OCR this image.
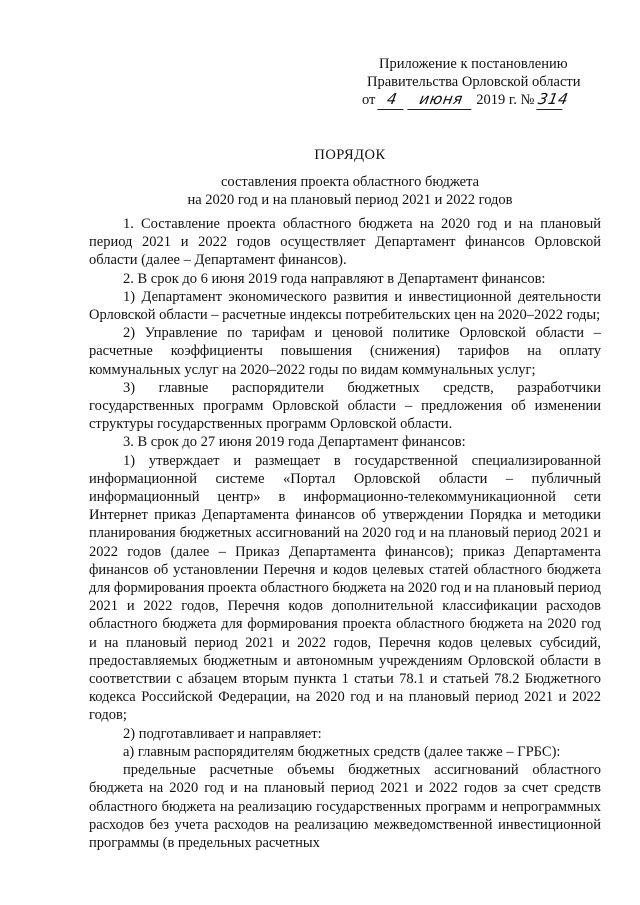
Приложение к постановлению
Правительства Орловской области
от 4 июня 2019 г. № 314
ПОРЯДОК
составления проекта областного бюджета
на 2020 год и на плановый период 2021 и 2022 годов

1. Составление проекта областного бюджета на 2020 год и на плановый период 2021 и 2022 годов осуществляет Департамент финансов Орловской области (далее – Департамент финансов).

2. В срок до 6 июня 2019 года направляют в Департамент финансов:

1) Департамент экономического развития и инвестиционной деятельности Орловской области – расчетные индексы потребительских цен на 2020–2022 годы;

2) Управление по тарифам и ценовой политике Орловской области – расчетные коэффициенты повышения (снижения) тарифов на оплату коммунальных услуг на 2020–2022 годы по видам коммунальных услуг;

3) главные распорядители бюджетных средств, разработчики государственных программ Орловской области – предложения об изменении структуры государственных программ Орловской области.

3. В срок до 27 июня 2019 года Департамент финансов:

1) утверждает и размещает в государственной специализированной информационной системе «Портал Орловской области – публичный информационный центр» в информационно-телекоммуникационной сети Интернет приказ Департамента финансов об утверждении Порядка и методики планирования бюджетных ассигнований на 2020 год и на плановый период 2021 и 2022 годов (далее – Приказ Департамента финансов); приказ Департамента финансов об установлении Перечня и кодов целевых статей областного бюджета для формирования проекта областного бюджета на 2020 год и на плановый период 2021 и 2022 годов, Перечня кодов дополнительной классификации расходов областного бюджета для формирования проекта областного бюджета на 2020 год и на плановый период 2021 и 2022 годов, Перечня кодов целевых субсидий, предоставляемых бюджетным и автономным учреждениям Орловской области в соответствии с абзацем вторым пункта 1 статьи 78.1 и статьей 78.2 Бюджетного кодекса Российской Федерации, на 2020 год и на плановый период 2021 и 2022 годов;

2) подготавливает и направляет:

а) главным распорядителям бюджетных средств (далее также – ГРБС):

предельные расчетные объемы бюджетных ассигнований областного бюджета на 2020 год и на плановый период 2021 и 2022 годов за счет средств областного бюджета на реализацию государственных программ и непрограммных расходов без учета расходов на реализацию межведомственной инвестиционной программы (в предельных расчетных
